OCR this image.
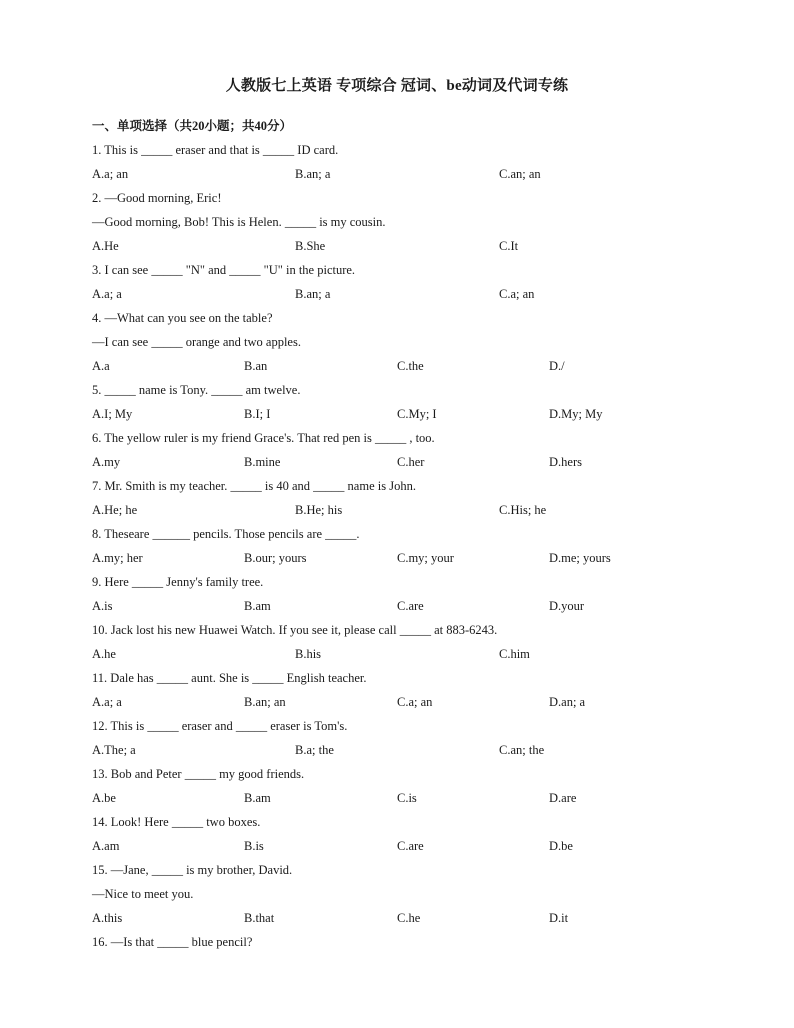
人教版七上英语 专项综合 冠词、be动词及代词专练
一、单项选择（共20小题；共40分）
1. This is _____ eraser and that is _____ ID card.
A.a; an	B.an; a	C.an; an
2. —Good morning, Eric!
—Good morning, Bob! This is Helen. _____ is my cousin.
A.He	B.She	C.It
3. I can see _____ "N" and _____ "U" in the picture.
A.a; a	B.an; a	C.a; an
4. —What can you see on the table?
—I can see _____ orange and two apples.
A.a	B.an	C.the	D./
5. _____ name is Tony. _____ am twelve.
A.I; My	B.I; I	C.My; I	D.My; My
6. The yellow ruler is my friend Grace's. That red pen is _____ , too.
A.my	B.mine	C.her	D.hers
7. Mr. Smith is my teacher. _____ is 40 and _____ name is John.
A.He; he	B.He; his	C.His; he
8. Theseare ______ pencils. Those pencils are _____.
A.my; her	B.our; yours	C.my; your	D.me; yours
9. Here _____ Jenny's family tree.
A.is	B.am	C.are	D.your
10. Jack lost his new Huawei Watch. If you see it, please call _____ at 883-6243.
A.he	B.his	C.him
11. Dale has _____ aunt. She is _____ English teacher.
A.a; a	B.an; an	C.a; an	D.an; a
12. This is _____ eraser and _____ eraser is Tom's.
A.The; a	B.a; the	C.an; the
13. Bob and Peter _____ my good friends.
A.be	B.am	C.is	D.are
14. Look! Here _____ two boxes.
A.am	B.is	C.are	D.be
15. —Jane, _____ is my brother, David.
—Nice to meet you.
A.this	B.that	C.he	D.it
16. —Is that _____ blue pencil?
